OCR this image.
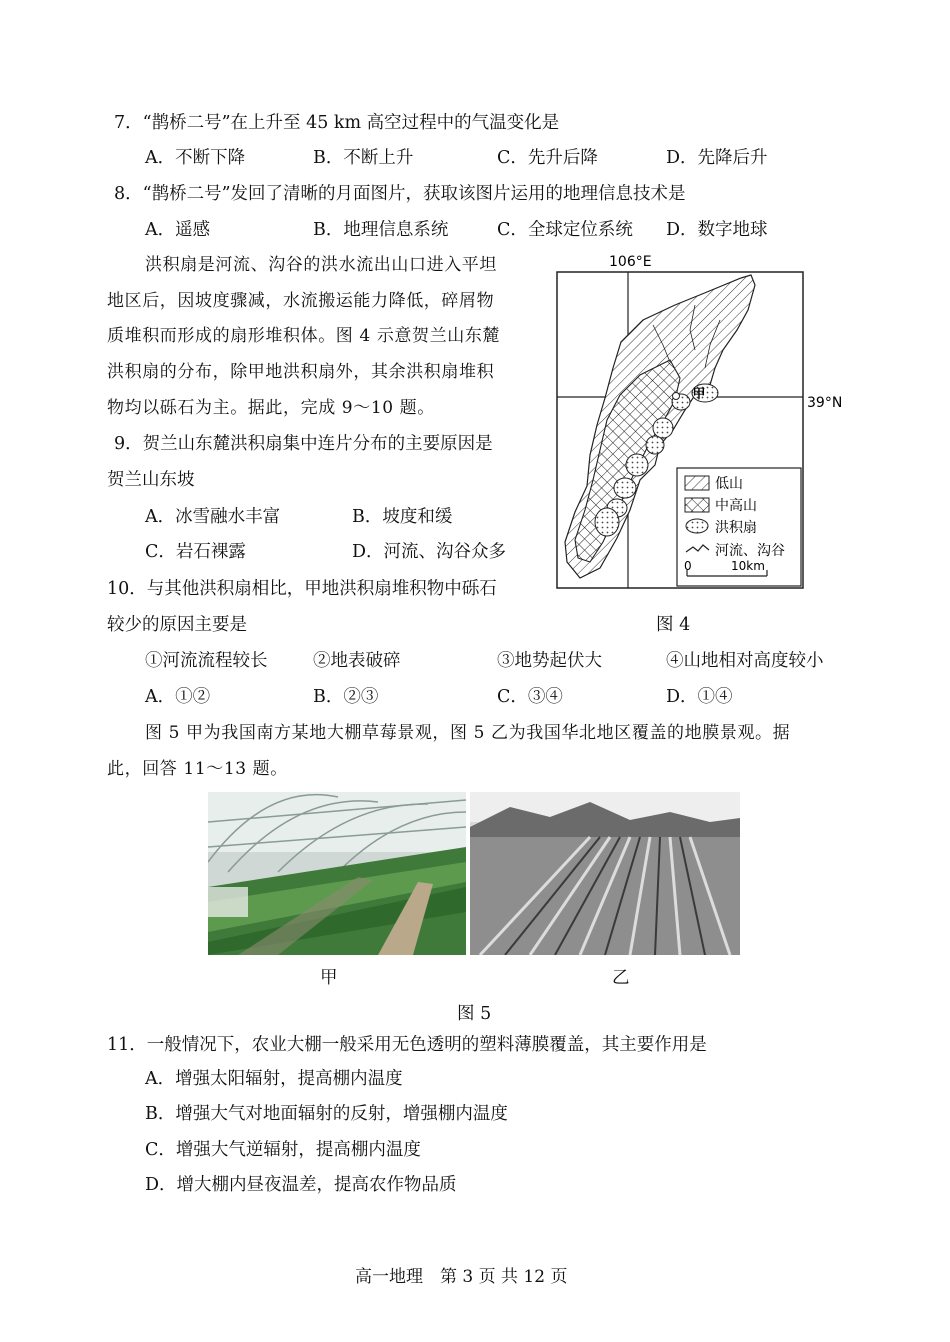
7．“鹊桥二号”在上升至 45 km 高空过程中的气温变化是
A．不断下降	B．不断上升	C．先升后降	D．先降后升
8．“鹊桥二号”发回了清晰的月面图片，获取该图片运用的地理信息技术是
A．遥感	B．地理信息系统	C．全球定位系统 D．数字地球
洪积扇是河流、沟谷的洪水流出山口进入平坦
地区后，因坡度骤减，水流搬运能力降低，碎屑物
质堆积而形成的扇形堆积体。图 4 示意贺兰山东麓
洪积扇的分布，除甲地洪积扇外，其余洪积扇堆积
物均以砾石为主。据此，完成 9～10 题。
9．贺兰山东麓洪积扇集中连片分布的主要原因是
贺兰山东坡
A．冰雪融水丰富	B．坡度和缓
C．岩石裸露	D．河流、沟谷众多
10．与其他洪积扇相比，甲地洪积扇堆积物中砾石
较少的原因主要是
①河流流程较长	②地表破碎	③地势起伏大	④山地相对高度较小
A．①②	B．②③	C．③④	D．①④
106°E
39°N
甲
低山
中高山
洪积扇
河流、沟谷
0	10km
图 4
图 5 甲为我国南方某地大棚草莓景观，图 5 乙为我国华北地区覆盖的地膜景观。据
此，回答 11～13 题。
甲	乙
图 5
11．一般情况下，农业大棚一般采用无色透明的塑料薄膜覆盖，其主要作用是
A．增强太阳辐射，提高棚内温度
B．增强大气对地面辐射的反射，增强棚内温度
C．增强大气逆辐射，提高棚内温度
D．增大棚内昼夜温差，提高农作物品质
高一地理　第 3 页 共 12 页
